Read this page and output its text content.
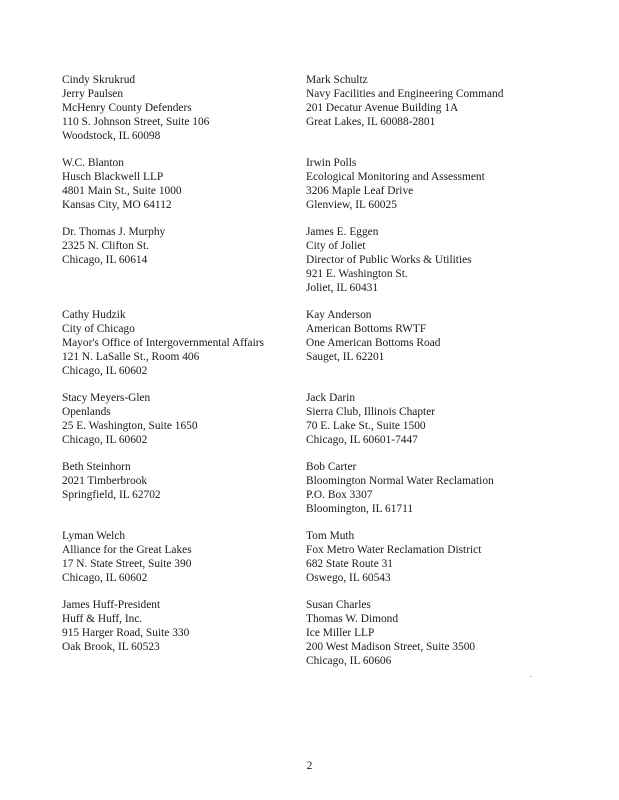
Cindy Skrukrud
Jerry Paulsen
McHenry County Defenders
110 S. Johnson Street, Suite 106
Woodstock, IL 60098
W.C. Blanton
Husch Blackwell LLP
4801 Main St., Suite 1000
Kansas City, MO 64112
Dr. Thomas J. Murphy
2325 N. Clifton St.
Chicago, IL 60614
Cathy Hudzik
City of Chicago
Mayor's Office of Intergovernmental Affairs
121 N. LaSalle St., Room 406
Chicago, IL 60602
Stacy Meyers-Glen
Openlands
25 E. Washington, Suite 1650
Chicago, IL 60602
Beth Steinhorn
2021 Timberbrook
Springfield, IL 62702
Lyman Welch
Alliance for the Great Lakes
17 N. State Street, Suite 390
Chicago, IL 60602
James Huff-President
Huff & Huff, Inc.
915 Harger Road, Suite 330
Oak Brook, IL 60523
Mark Schultz
Navy Facilities and Engineering Command
201 Decatur Avenue Building 1A
Great Lakes, IL 60088-2801
Irwin Polls
Ecological Monitoring and Assessment
3206 Maple Leaf Drive
Glenview, IL 60025
James E. Eggen
City of Joliet
Director of Public Works & Utilities
921 E. Washington St.
Joliet, IL 60431
Kay Anderson
American Bottoms RWTF
One American Bottoms Road
Sauget, IL 62201
Jack Darin
Sierra Club, Illinois Chapter
70 E. Lake St., Suite 1500
Chicago, IL 60601-7447
Bob Carter
Bloomington Normal Water Reclamation
P.O. Box 3307
Bloomington, IL 61711
Tom Muth
Fox Metro Water Reclamation District
682 State Route 31
Oswego, IL 60543
Susan Charles
Thomas W. Dimond
Ice Miller LLP
200 West Madison Street, Suite 3500
Chicago, IL 60606
2
